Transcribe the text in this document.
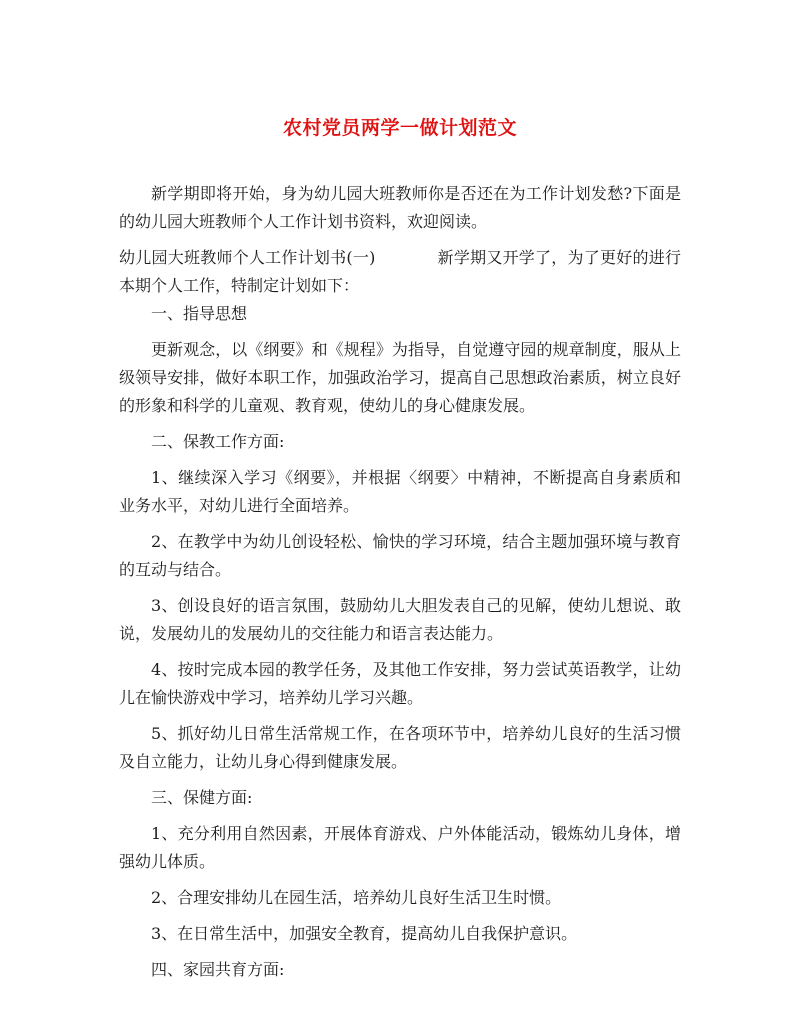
农村党员两学一做计划范文

新学期即将开始，身为幼儿园大班教师你是否还在为工作计划发愁?下面是的幼儿园大班教师个人工作计划书资料，欢迎阅读。

幼儿园大班教师个人工作计划书(一)	新学期又开学了，为了更好的进行本期个人工作，特制定计划如下：

一、指导思想

更新观念，以《纲要》和《规程》为指导，自觉遵守园的规章制度，服从上级领导安排，做好本职工作，加强政治学习，提高自己思想政治素质，树立良好的形象和科学的儿童观、教育观，使幼儿的身心健康发展。

二、保教工作方面:

1、继续深入学习《纲要》，并根据〈纲要〉中精神，不断提高自身素质和业务水平，对幼儿进行全面培养。

2、在教学中为幼儿创设轻松、愉快的学习环境，结合主题加强环境与教育的互动与结合。

3、创设良好的语言氛围，鼓励幼儿大胆发表自己的见解，使幼儿想说、敢说，发展幼儿的发展幼儿的交往能力和语言表达能力。

4、按时完成本园的教学任务，及其他工作安排，努力尝试英语教学，让幼儿在愉快游戏中学习，培养幼儿学习兴趣。

5、抓好幼儿日常生活常规工作，在各项环节中，培养幼儿良好的生活习惯及自立能力，让幼儿身心得到健康发展。

三、保健方面:

1、充分利用自然因素，开展体育游戏、户外体能活动，锻炼幼儿身体，增强幼儿体质。

2、合理安排幼儿在园生活，培养幼儿良好生活卫生时惯。

3、在日常生活中，加强安全教育，提高幼儿自我保护意识。

四、家园共育方面:
